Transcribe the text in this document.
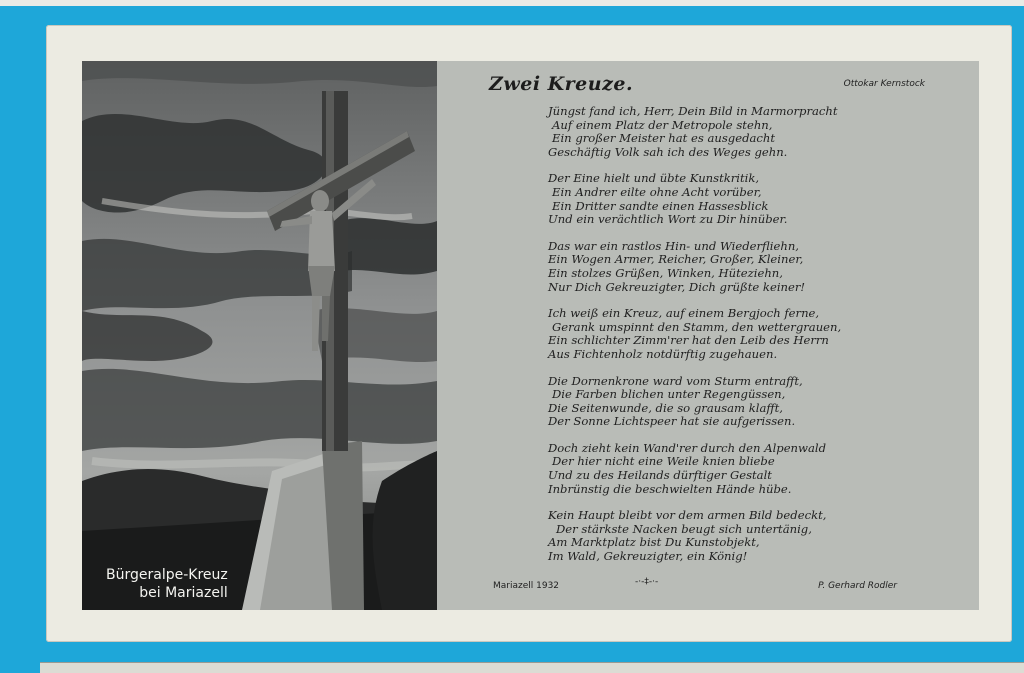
Bürgeralpe-Kreuz
bei Mariazell
Zwei Kreuze.	Ottokar Kernstock
Jüngst fand ich, Herr, Dein Bild in Marmorpracht
Auf einem Platz der Metropole stehn,
Ein großer Meister hat es ausgedacht
Geschäftig Volk sah ich des Weges gehn.
Der Eine hielt und übte Kunstkritik,
Ein Andrer eilte ohne Acht vorüber,
Ein Dritter sandte einen Hassesblick
Und ein verächtlich Wort zu Dir hinüber.
Das war ein rastlos Hin- und Wiederfliehn,
Ein Wogen Armer, Reicher, Großer, Kleiner,
Ein stolzes Grüßen, Winken, Hüteziehn,
Nur Dich Gekreuzigter, Dich grüßte keiner!
Ich weiß ein Kreuz, auf einem Bergjoch ferne,
Gerank umspinnt den Stamm, den wettergrauen,
Ein schlichter Zimm'rer hat den Leib des Herrn
Aus Fichtenholz notdürftig zugehauen.
Die Dornenkrone ward vom Sturm entrafft,
Die Farben blichen unter Regengüssen,
Die Seitenwunde, die so grausam klafft,
Der Sonne Lichtspeer hat sie aufgerissen.
Doch zieht kein Wand'rer durch den Alpenwald
Der hier nicht eine Weile knien bliebe
Und zu des Heilands dürftiger Gestalt
Inbrünstig die beschwielten Hände hübe.
Kein Haupt bleibt vor dem armen Bild bedeckt,
Der stärkste Nacken beugt sich untertänig,
Am Marktplatz bist Du Kunstobjekt,
Im Wald, Gekreuzigter, ein König!
Mariazell 1932	-·-‡-·-	P. Gerhard Rodler
